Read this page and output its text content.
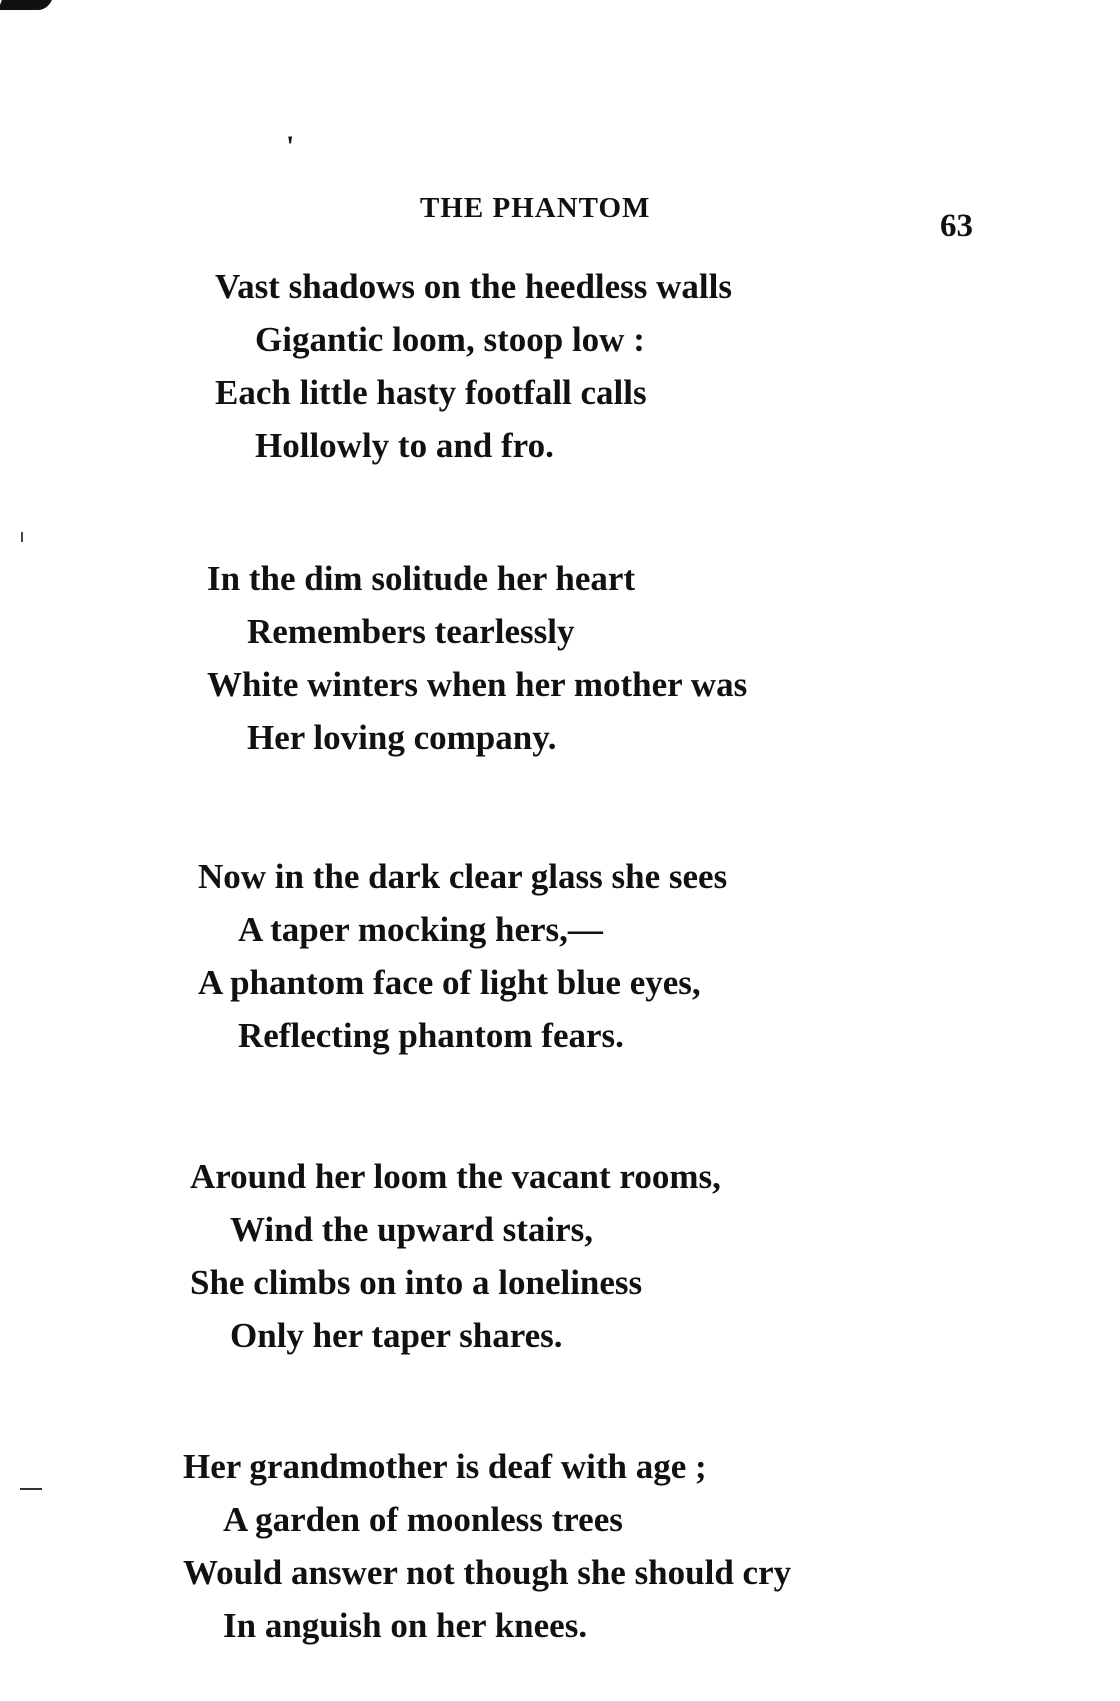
'
THE PHANTOM	63
Vast shadows on the heedless walls
Gigantic loom, stoop low :
Each little hasty footfall calls
Hollowly to and fro.
In the dim solitude her heart
Remembers tearlessly
White winters when her mother was
Her loving company.
Now in the dark clear glass she sees
A taper mocking hers,—
A phantom face of light blue eyes,
Reflecting phantom fears.
Around her loom the vacant rooms,
Wind the upward stairs,
She climbs on into a loneliness
Only her taper shares.
Her grandmother is deaf with age ;
A garden of moonless trees
Would answer not though she should cry
In anguish on her knees.
